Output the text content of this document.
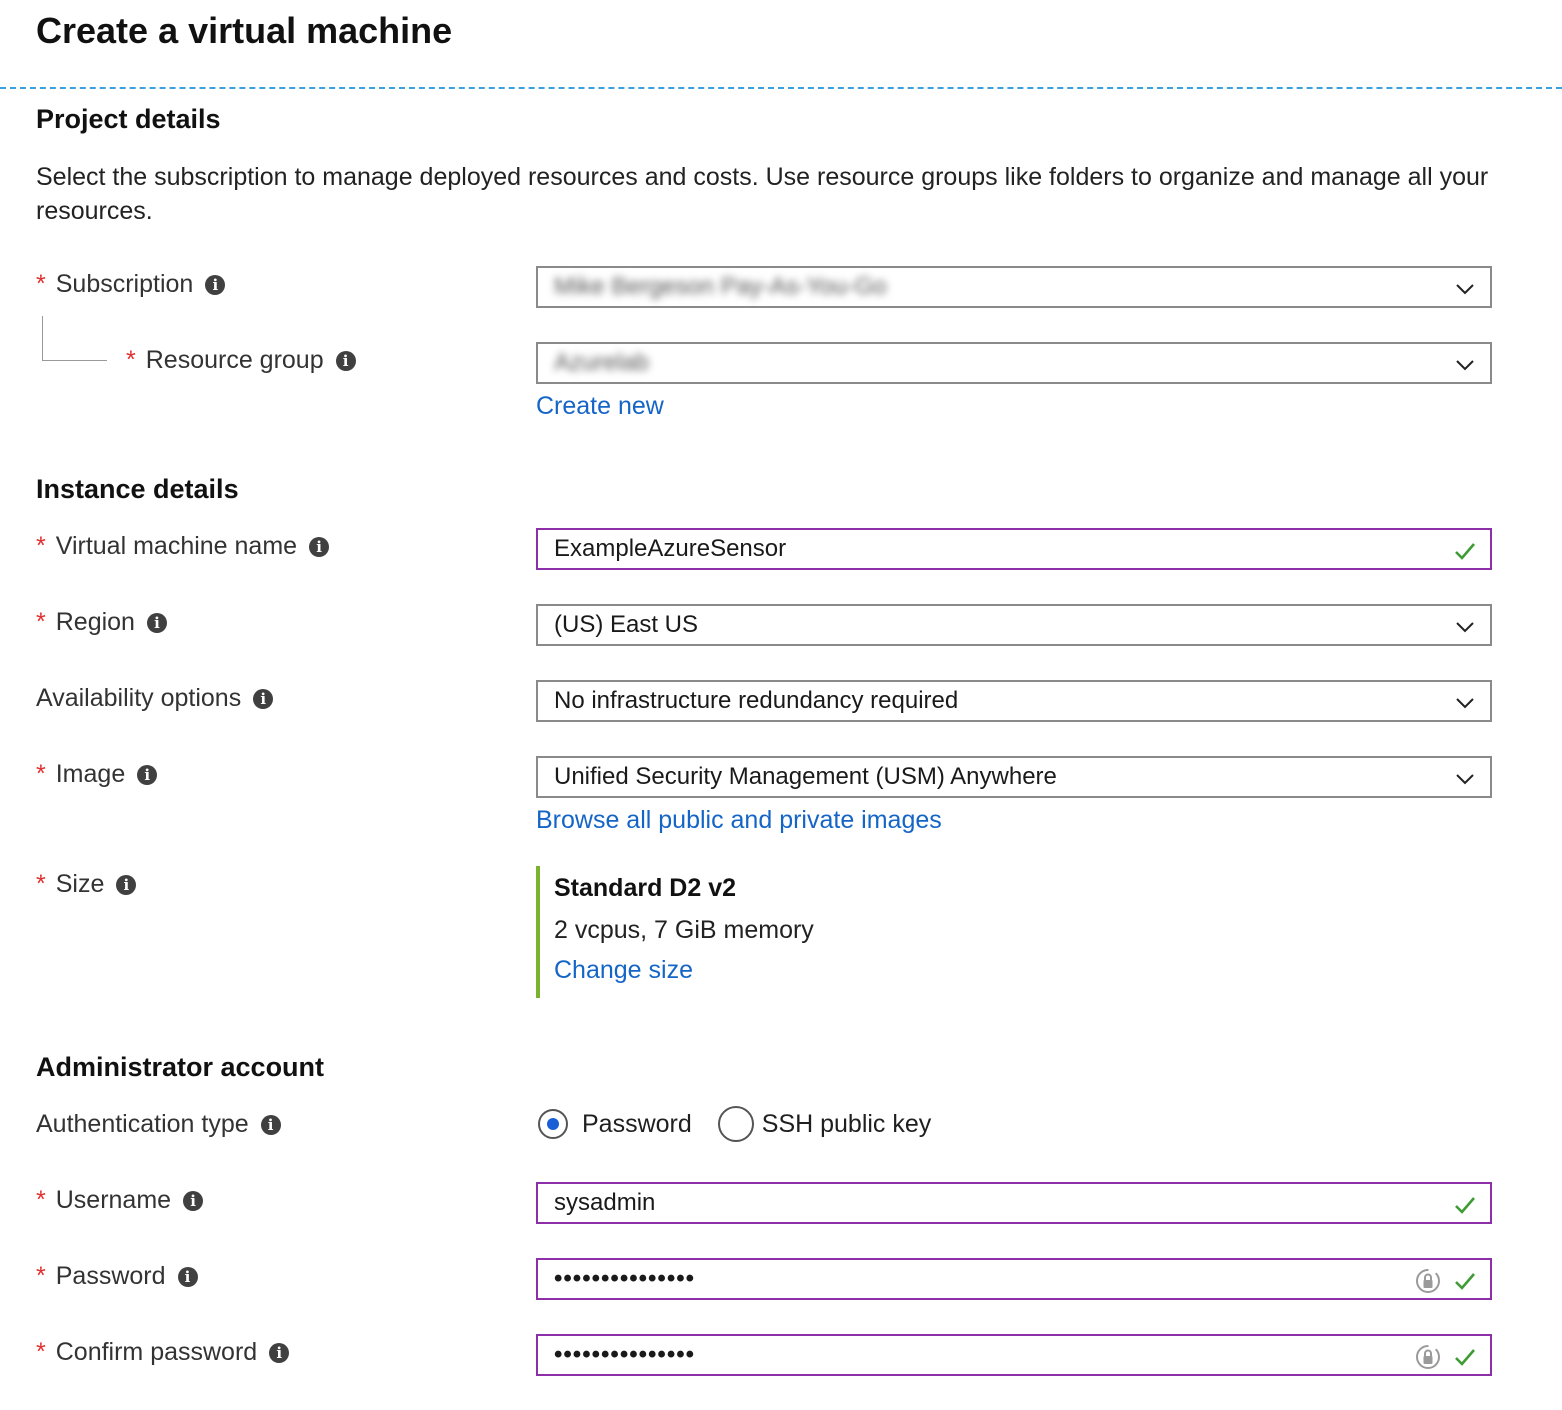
Create a virtual machine
Project details
Select the subscription to manage deployed resources and costs. Use resource groups like folders to organize and manage all your resources.
* Subscription	i	Mike Bergeson Pay-As-You-Go
* Resource group	i	Azurelab
Create new
Instance details
* Virtual machine name	i	ExampleAzureSensor
* Region	i	(US) East US
Availability options	i	No infrastructure redundancy required
* Image	i	Unified Security Management (USM) Anywhere
Browse all public and private images
* Size	i	Standard D2 v2
2 vcpus, 7 GiB memory
Change size
Administrator account
Authentication type	i	Password	SSH public key
* Username	i	sysadmin
* Password	i	•••••••••••••••
* Confirm password	i	•••••••••••••••
